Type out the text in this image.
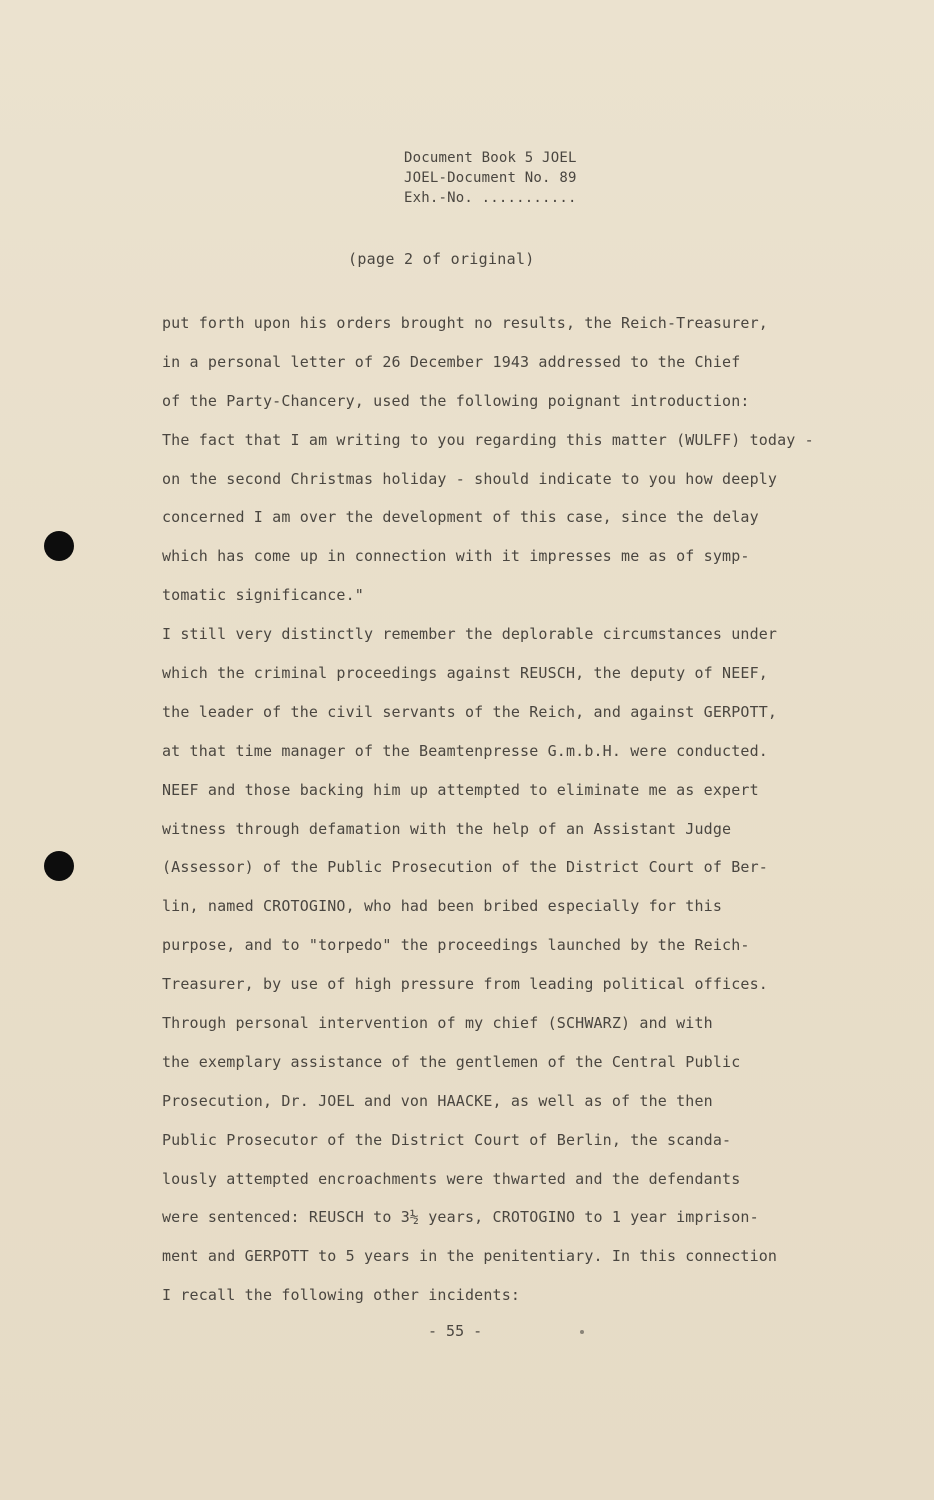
Document Book 5 JOEL
JOEL-Document No. 89
Exh.-No. ...........
(page 2 of original)
put forth upon his orders brought no results, the Reich-Treasurer,
in a personal letter of 26 December 1943 addressed to the Chief
of the Party-Chancery, used the following poignant introduction:
The fact that I am writing to you regarding this matter (WULFF) today -
on the second Christmas holiday - should indicate to you how deeply
concerned I am over the development of this case, since the delay
which has come up in connection with it impresses me as of symp-
tomatic significance."
I still very distinctly remember the deplorable circumstances under
which the criminal proceedings against REUSCH, the deputy of NEEF,
the leader of the civil servants of the Reich, and against GERPOTT,
at that time manager of the Beamtenpresse G.m.b.H. were conducted.
NEEF and those backing him up attempted to eliminate me as expert
witness through defamation with the help of an Assistant Judge
(Assessor) of the Public Prosecution of the District Court of Ber-
lin, named CROTOGINO, who had been bribed especially for this
purpose, and to "torpedo" the proceedings launched by the Reich-
Treasurer, by use of high pressure from leading political offices.
Through personal intervention of my chief (SCHWARZ) and with
the exemplary assistance of the gentlemen of the Central Public
Prosecution, Dr. JOEL and von HAACKE, as well as of the then
Public Prosecutor of the District Court of Berlin, the scanda-
lously attempted encroachments were thwarted and the defendants
were sentenced: REUSCH to 3½ years, CROTOGINO to 1 year imprison-
ment and GERPOTT to 5 years in the penitentiary. In this connection
I recall the following other incidents:
- 55 -
